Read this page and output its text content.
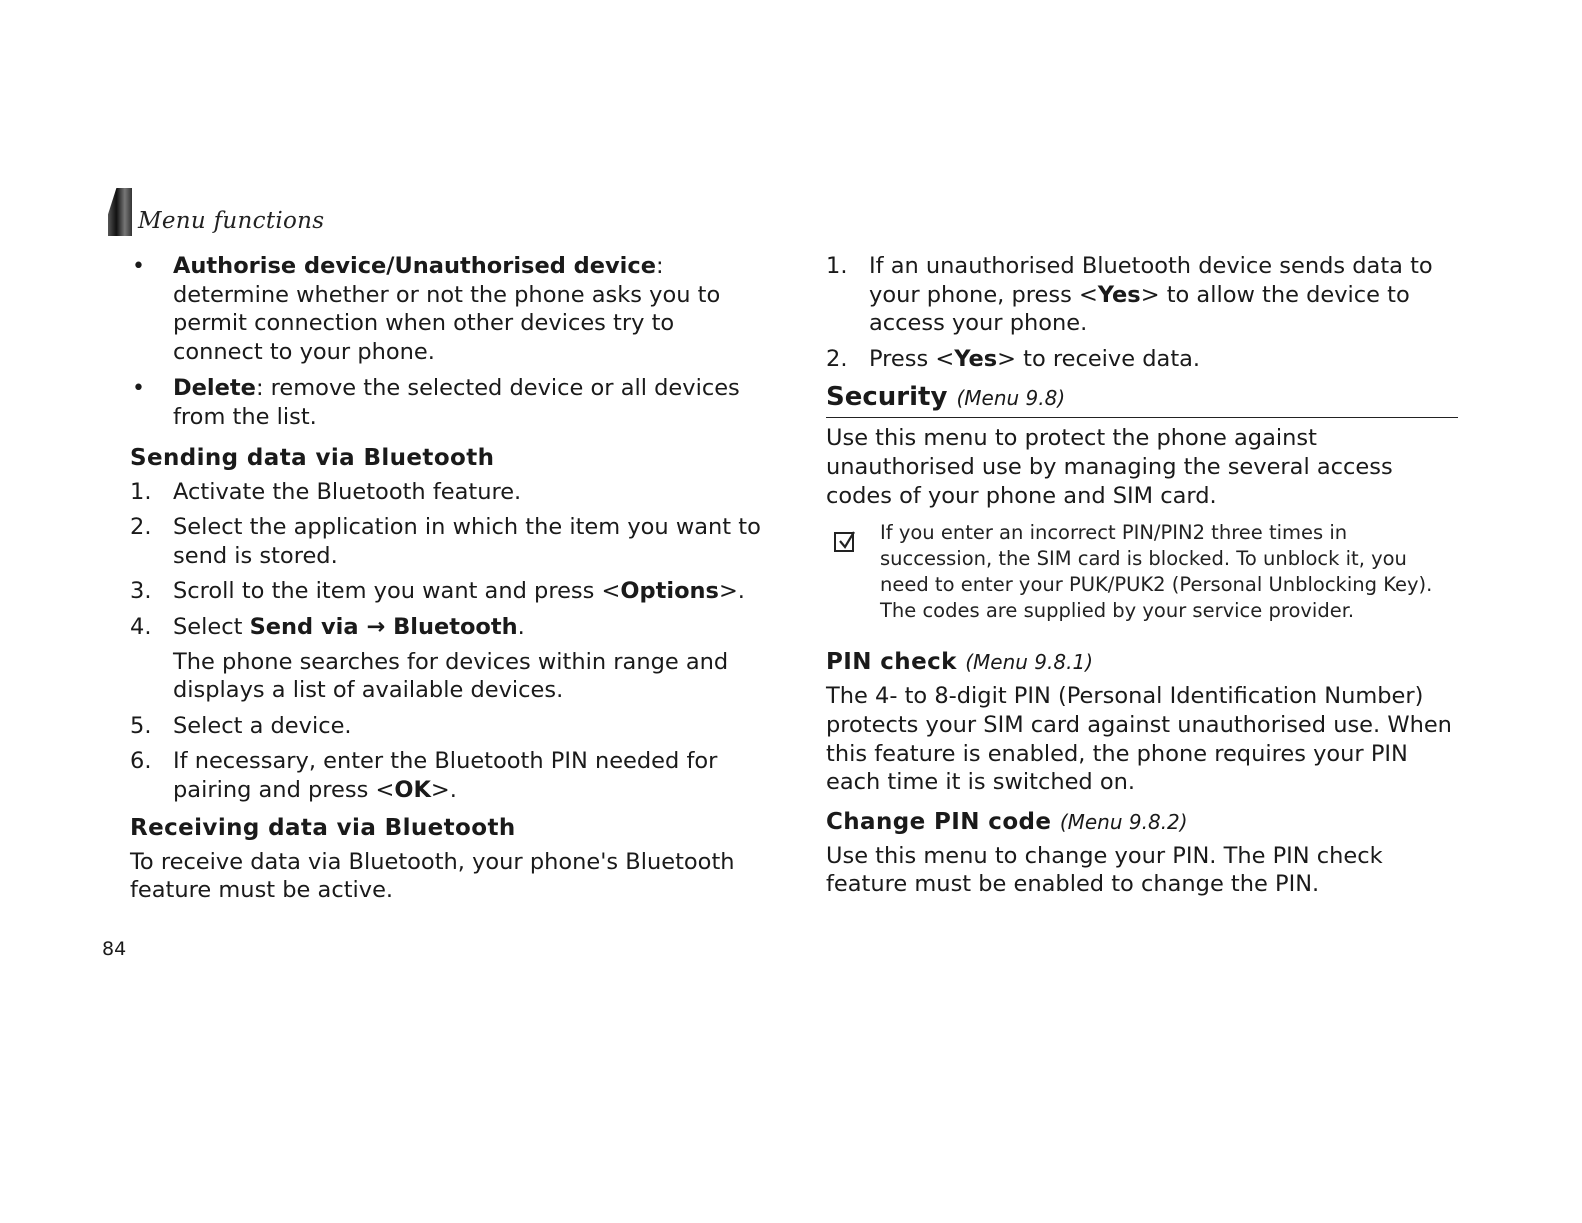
Menu functions
•
Authorise device/Unauthorised device: determine whether or not the phone asks you to permit connection when other devices try to connect to your phone.
•
Delete: remove the selected device or all devices from the list.
Sending data via Bluetooth
1. Activate the Bluetooth feature.
2. Select the application in which the item you want to send is stored.
3. Scroll to the item you want and press <Options>.
4. Select Send via → Bluetooth.
The phone searches for devices within range and displays a list of available devices.
5. Select a device.
6. If necessary, enter the Bluetooth PIN needed for pairing and press <OK>.
Receiving data via Bluetooth

To receive data via Bluetooth, your phone's Bluetooth feature must be active.

84
1. If an unauthorised Bluetooth device sends data to your phone, press <Yes> to allow the device to access your phone.
2. Press <Yes> to receive data.
Security (Menu 9.8)

Use this menu to protect the phone against unauthorised use by managing the several access codes of your phone and SIM card.

If you enter an incorrect PIN/PIN2 three times in succession, the SIM card is blocked. To unblock it, you need to enter your PUK/PUK2 (Personal Unblocking Key). The codes are supplied by your service provider.

PIN check (Menu 9.8.1)

The 4- to 8-digit PIN (Personal Identification Number) protects your SIM card against unauthorised use. When this feature is enabled, the phone requires your PIN each time it is switched on.

Change PIN code (Menu 9.8.2)

Use this menu to change your PIN. The PIN check feature must be enabled to change the PIN.
